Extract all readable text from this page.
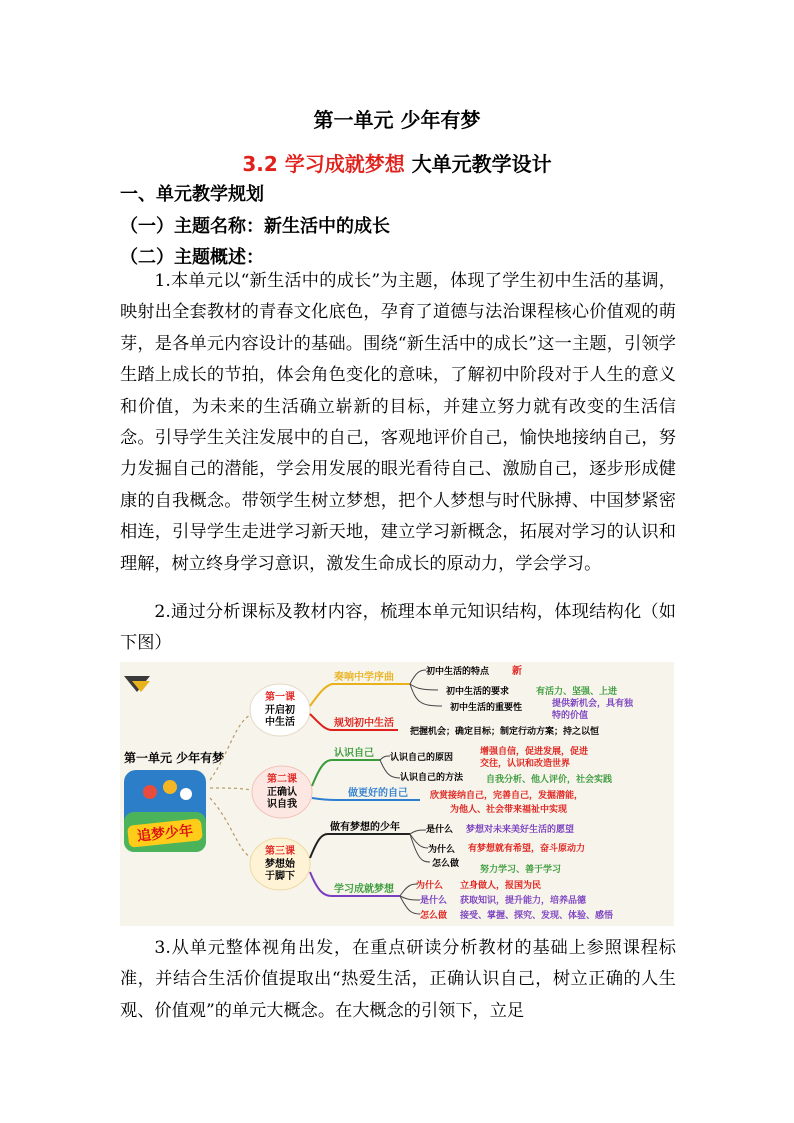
第一单元 少年有梦
3.2 学习成就梦想 大单元教学设计
一、单元教学规划
（一）主题名称：新生活中的成长
（二）主题概述：

1.本单元以“新生活中的成长”为主题，体现了学生初中生活的基调，映射出全套教材的青春文化底色，孕育了道德与法治课程核心价值观的萌芽，是各单元内容设计的基础。围绕“新生活中的成长”这一主题，引领学生踏上成长的节拍，体会角色变化的意味，了解初中阶段对于人生的意义和价值，为未来的生活确立崭新的目标，并建立努力就有改变的生活信念。引导学生关注发展中的自己，客观地评价自己，愉快地接纳自己，努力发掘自己的潜能，学会用发展的眼光看待自己、激励自己，逐步形成健康的自我概念。带领学生树立梦想，把个人梦想与时代脉搏、中国梦紧密相连，引导学生走进学习新天地，建立学习新概念，拓展对学习的认识和理解，树立终身学习意识，激发生命成长的原动力，学会学习。

2.通过分析课标及教材内容，梳理本单元知识结构，体现结构化（如下图）

第一单元 少年有梦
追梦少年
第一课
开启初
中生活
第二课
正确认
识自我
第三课
梦想始
于脚下
奏响中学序曲	初中生活的特点 新
初中生活的要求	有活力、坚强、上进
初中生活的重要性	提供新机会，具有独
特的价值
规划初中生活
把握机会；确定目标；制定行动方案；持之以恒
认识自己 认识自己的原因
增强自信，促进发展，促进
交往，认识和改造世界
认识自己的方法	自我分析、他人评价，社会实践
做更好的自己 欣赏接纳自己，完善自己，发掘潜能，
为他人、社会带来福祉中实现
做有梦想的少年	是什么 梦想对未来美好生活的愿望
为什么 有梦想就有希望，奋斗原动力
怎么做
努力学习、善于学习
学习成就梦想 为什么 立身做人，报国为民
是什么 获取知识，提升能力，培养品德
怎么做 接受、掌握、探究、发现、体验、感悟

3.从单元整体视角出发，在重点研读分析教材的基础上参照课程标准，并结合生活价值提取出“热爱生活，正确认识自己，树立正确的人生观、价值观”的单元大概念。在大概念的引领下，立足
